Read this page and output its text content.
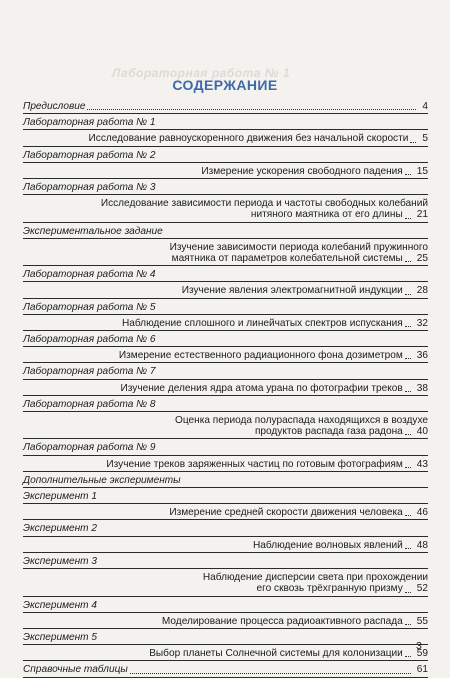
Лабораторная работа № 1
СОДЕРЖАНИЕ
Предисловие	4
Лабораторная работа № 1
Исследование равноускоренного движения без начальной скорости	5
Лабораторная работа № 2
Измерение ускорения свободного падения	15
Лабораторная работа № 3
Исследование зависимости периода и частоты свободных колебаний
нитяного маятника от его длины	21
Экспериментальное задание
Изучение зависимости периода колебаний пружинного
маятника от параметров колебательной системы	25
Лабораторная работа № 4
Изучение явления электромагнитной индукции	28
Лабораторная работа № 5
Наблюдение сплошного и линейчатых спектров испускания	32
Лабораторная работа № 6
Измерение естественного радиационного фона дозиметром	36
Лабораторная работа № 7
Изучение деления ядра атома урана по фотографии треков	38
Лабораторная работа № 8
Оценка периода полураспада находящихся в воздухе
продуктов распада газа радона	40
Лабораторная работа № 9
Изучение треков заряженных частиц по готовым фотографиям	43
Дополнительные эксперименты
Эксперимент 1
Измерение средней скорости движения человека	46
Эксперимент 2
Наблюдение волновых явлений	48
Эксперимент 3
Наблюдение дисперсии света при прохождении
его сквозь трёхгранную призму	52
Эксперимент 4
Моделирование процесса радиоактивного распада	55
Эксперимент 5
Выбор планеты Солнечной системы для колонизации	59
Справочные таблицы	61
3
